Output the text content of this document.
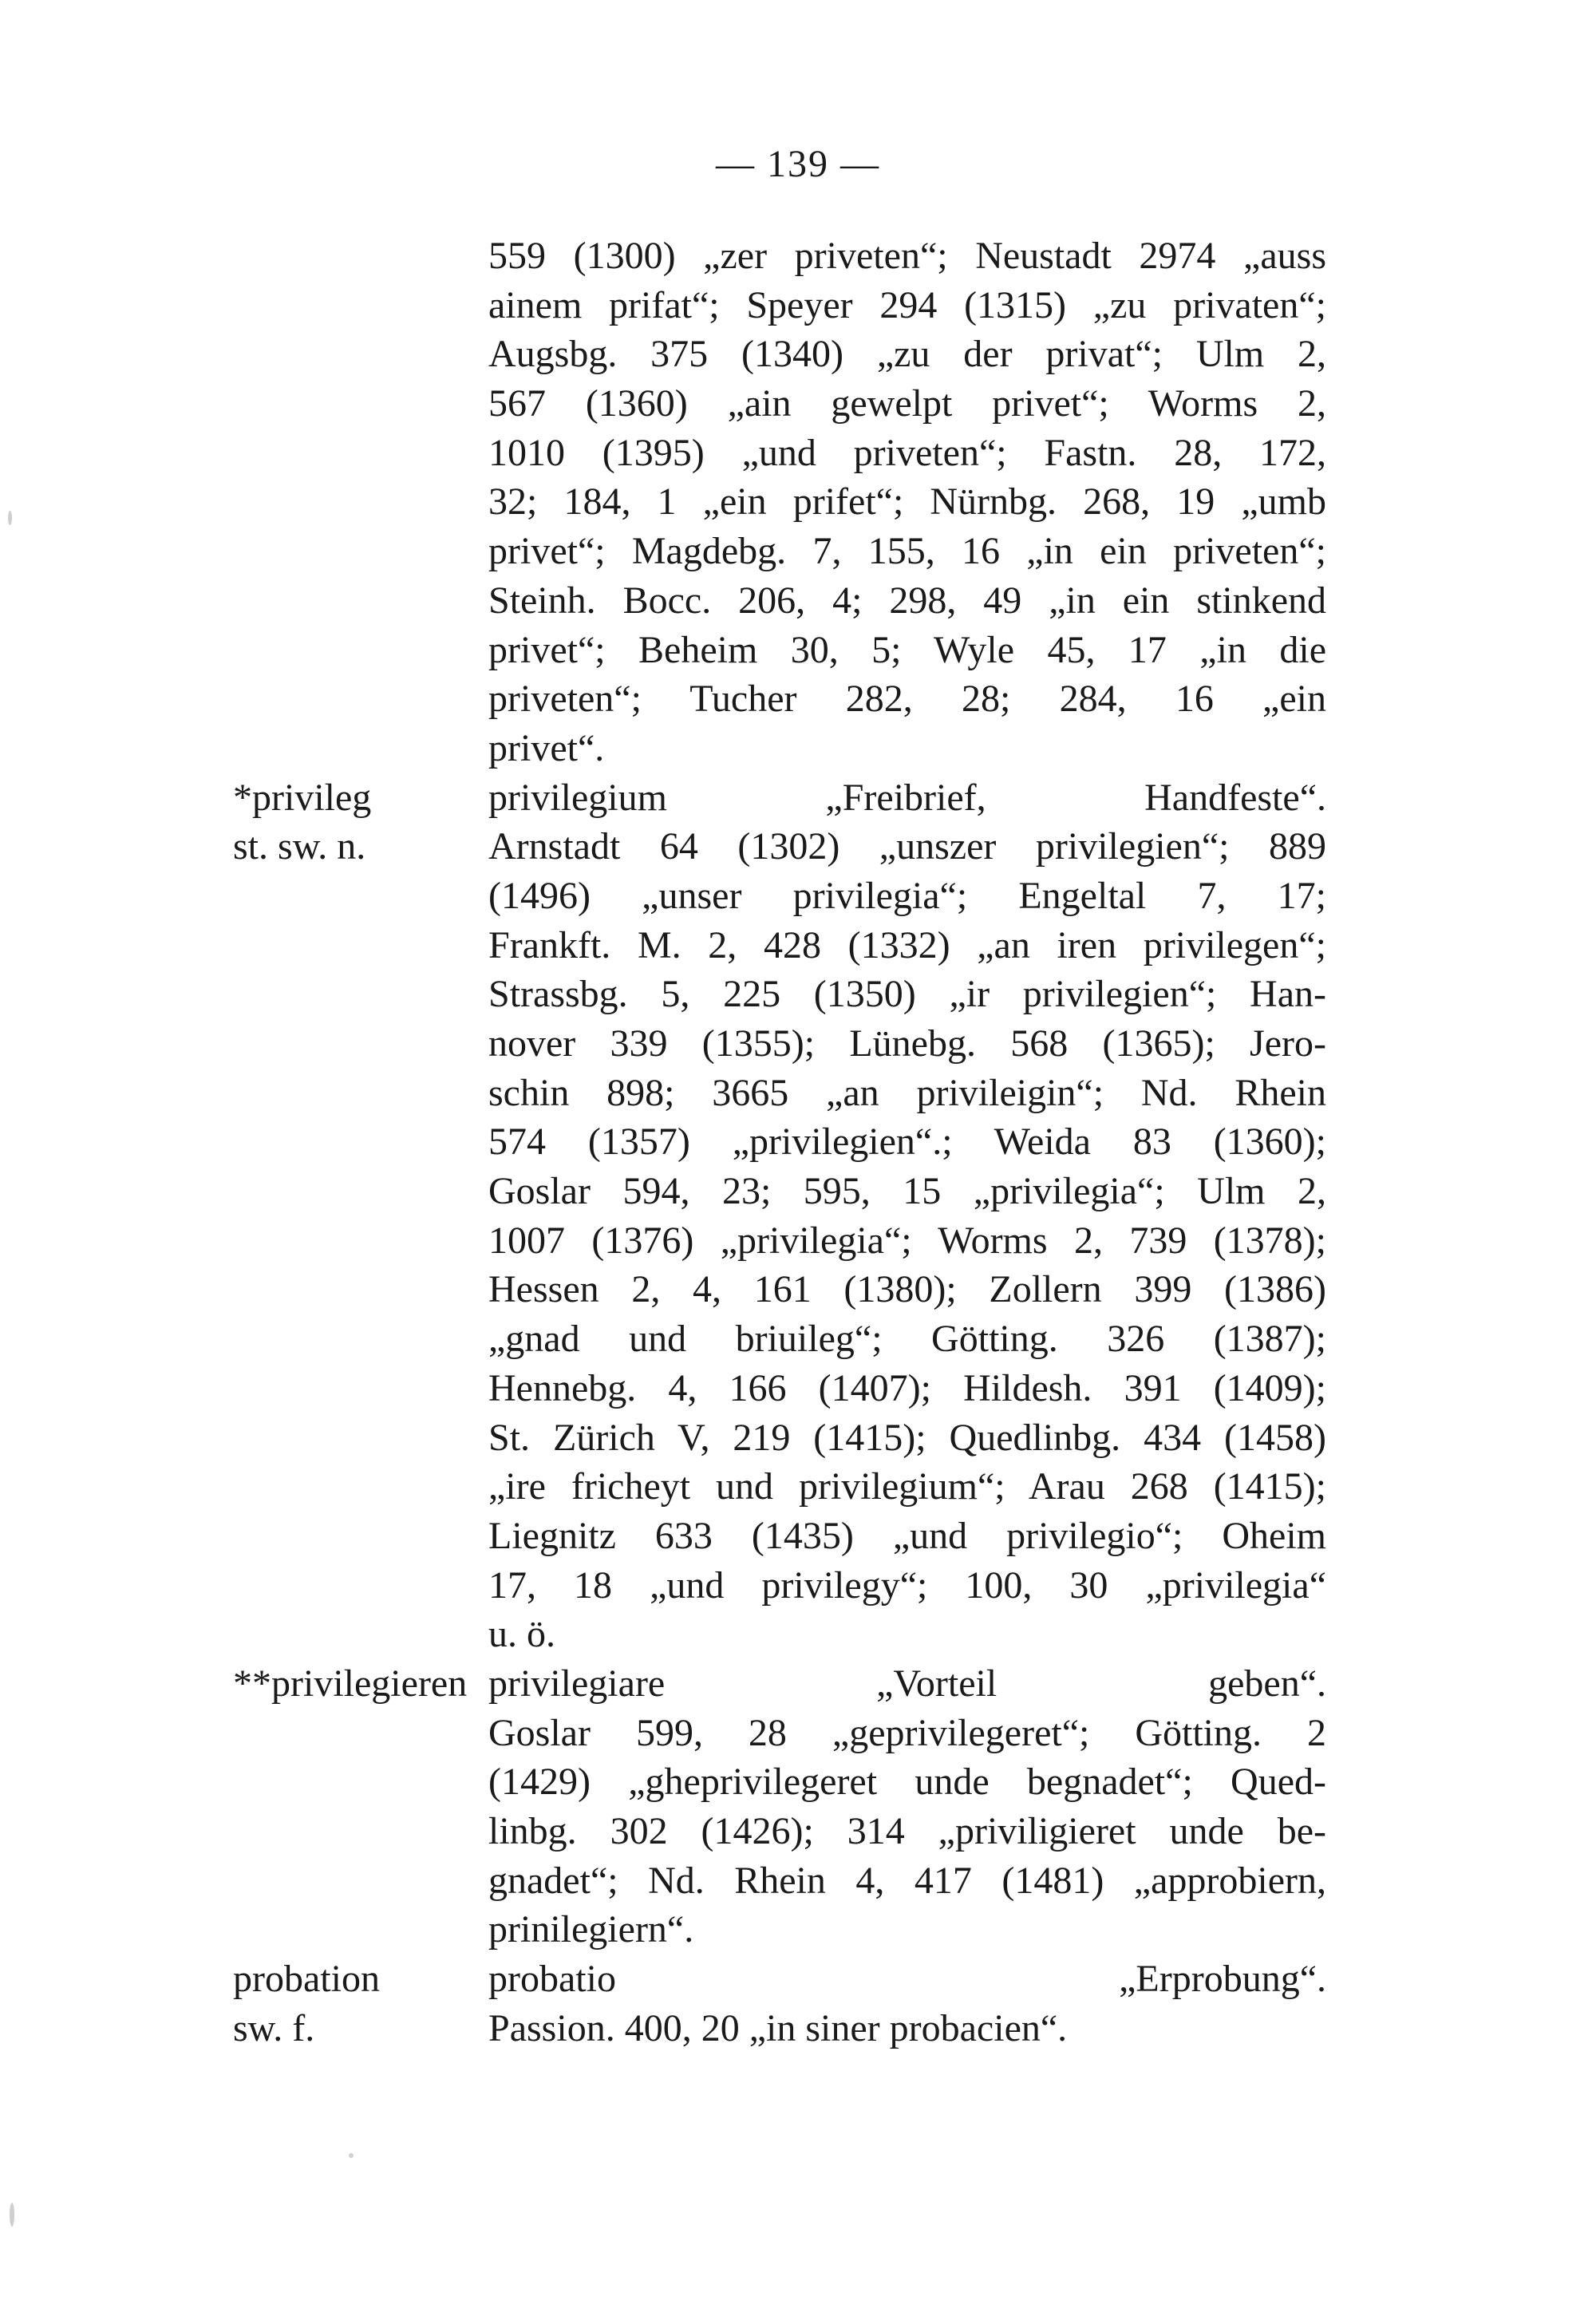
— 139 —
559 (1300) „zer priveten“; Neustadt 2974 „auss
ainem prifat“; Speyer 294 (1315) „zu privaten“;
Augsbg. 375 (1340) „zu der privat“; Ulm 2,
567 (1360) „ain gewelpt privet“; Worms 2,
1010 (1395) „und priveten“; Fastn. 28, 172,
32; 184, 1 „ein prifet“; Nürnbg. 268, 19 „umb
privet“; Magdebg. 7, 155, 16 „in ein priveten“;
Steinh. Bocc. 206, 4; 298, 49 „in ein stinkend
privet“; Beheim 30, 5; Wyle 45, 17 „in die
priveten“; Tucher 282, 28; 284, 16 „ein
privet“.
*privileg
st. sw. n.
privilegium „Freibrief, Handfeste“.
Arnstadt 64 (1302) „unszer privilegien“; 889
(1496) „unser privilegia“; Engeltal 7, 17;
Frankft. M. 2, 428 (1332) „an iren privilegen“;
Strassbg. 5, 225 (1350) „ir privilegien“; Han-
nover 339 (1355); Lünebg. 568 (1365); Jero-
schin 898; 3665 „an privileigin“; Nd. Rhein
574 (1357) „privilegien“.; Weida 83 (1360);
Goslar 594, 23; 595, 15 „privilegia“; Ulm 2,
1007 (1376) „privilegia“; Worms 2, 739 (1378);
Hessen 2, 4, 161 (1380); Zollern 399 (1386)
„gnad und briuileg“; Götting. 326 (1387);
Hennebg. 4, 166 (1407); Hildesh. 391 (1409);
St. Zürich V, 219 (1415); Quedlinbg. 434 (1458)
„ire fricheyt und privilegium“; Arau 268 (1415);
Liegnitz 633 (1435) „und privilegio“; Oheim
17, 18 „und privilegy“; 100, 30 „privilegia“
u. ö.
**privilegieren privilegiare „Vorteil geben“.
Goslar 599, 28 „geprivilegeret“; Götting. 2
(1429) „gheprivilegeret unde begnadet“; Qued-
linbg. 302 (1426); 314 „priviligieret unde be-
gnadet“; Nd. Rhein 4, 417 (1481) „approbiern,
prinilegiern“.
probation
sw. f.
probatio „Erprobung“.
Passion. 400, 20 „in siner probacien“.
